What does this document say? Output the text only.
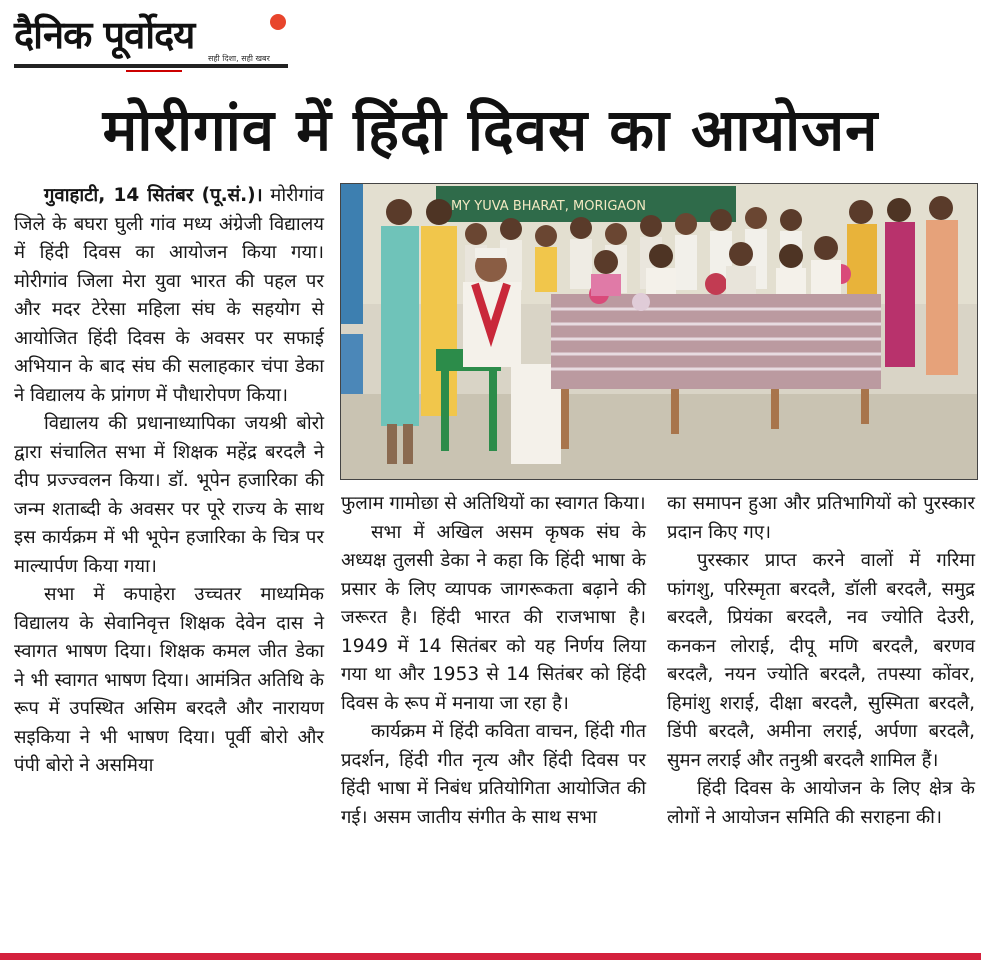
दैनिक पूर्वोदय
सही दिशा, सही खबर
मोरीगांव में हिंदी दिवस का आयोजन

गुवाहाटी, 14 सितंबर (पू.सं.)। मोरीगांव जिले के बघरा घुली गांव मध्य अंग्रेजी विद्यालय में हिंदी दिवस का आयोजन किया गया। मोरीगांव जिला मेरा युवा भारत की पहल पर और मदर टेरेसा महिला संघ के सहयोग से आयोजित हिंदी दिवस के अवसर पर सफाई अभियान के बाद संघ की सलाहकार चंपा डेका ने विद्यालय के प्रांगण में पौधारोपण किया।

विद्यालय की प्रधानाध्यापिका जयश्री बोरो द्वारा संचालित सभा में शिक्षक महेंद्र बरदलै ने दीप प्रज्ज्वलन किया। डॉ. भूपेन हजारिका की जन्म शताब्दी के अवसर पर पूरे राज्य के साथ इस कार्यक्रम में भी भूपेन हजारिका के चित्र पर माल्यार्पण किया गया।

सभा में कपाहेरा उच्चतर माध्यमिक विद्यालय के सेवानिवृत्त शिक्षक देवेन दास ने स्वागत भाषण दिया। शिक्षक कमल जीत डेका ने भी स्वागत भाषण दिया। आमंत्रित अतिथि के रूप में उपस्थित असिम बरदलै और नारायण सइकिया ने भी भाषण दिया। पूर्वी बोरो और पंपी बोरो ने असमिया

MY YUVA BHARAT, MORIGAON

फुलाम गामोछा से अतिथियों का स्वागत किया।

सभा में अखिल असम कृषक संघ के अध्यक्ष तुलसी डेका ने कहा कि हिंदी भाषा के प्रसार के लिए व्यापक जागरूकता बढ़ाने की जरूरत है। हिंदी भारत की राजभाषा है। 1949 में 14 सितंबर को यह निर्णय लिया गया था और 1953 से 14 सितंबर को हिंदी दिवस के रूप में मनाया जा रहा है।

कार्यक्रम में हिंदी कविता वाचन, हिंदी गीत प्रदर्शन, हिंदी गीत नृत्य और हिंदी दिवस पर हिंदी भाषा में निबंध प्रतियोगिता आयोजित की गई। असम जातीय संगीत के साथ सभा

का समापन हुआ और प्रतिभागियों को पुरस्कार प्रदान किए गए।

पुरस्कार प्राप्त करने वालों में गरिमा फांगशु, परिस्मृता बरदलै, डॉली बरदलै, समुद्र बरदलै, प्रियंका बरदलै, नव ज्योति देउरी, कनकन लोराई, दीपू मणि बरदलै, बरणव बरदलै, नयन ज्योति बरदलै, तपस्या कोंवर, हिमांशु शराई, दीक्षा बरदलै, सुस्मिता बरदलै, डिंपी बरदलै, अमीना लराई, अर्पणा बरदलै, सुमन लराई और तनुश्री बरदलै शामिल हैं।

हिंदी दिवस के आयोजन के लिए क्षेत्र के लोगों ने आयोजन समिति की सराहना की।
